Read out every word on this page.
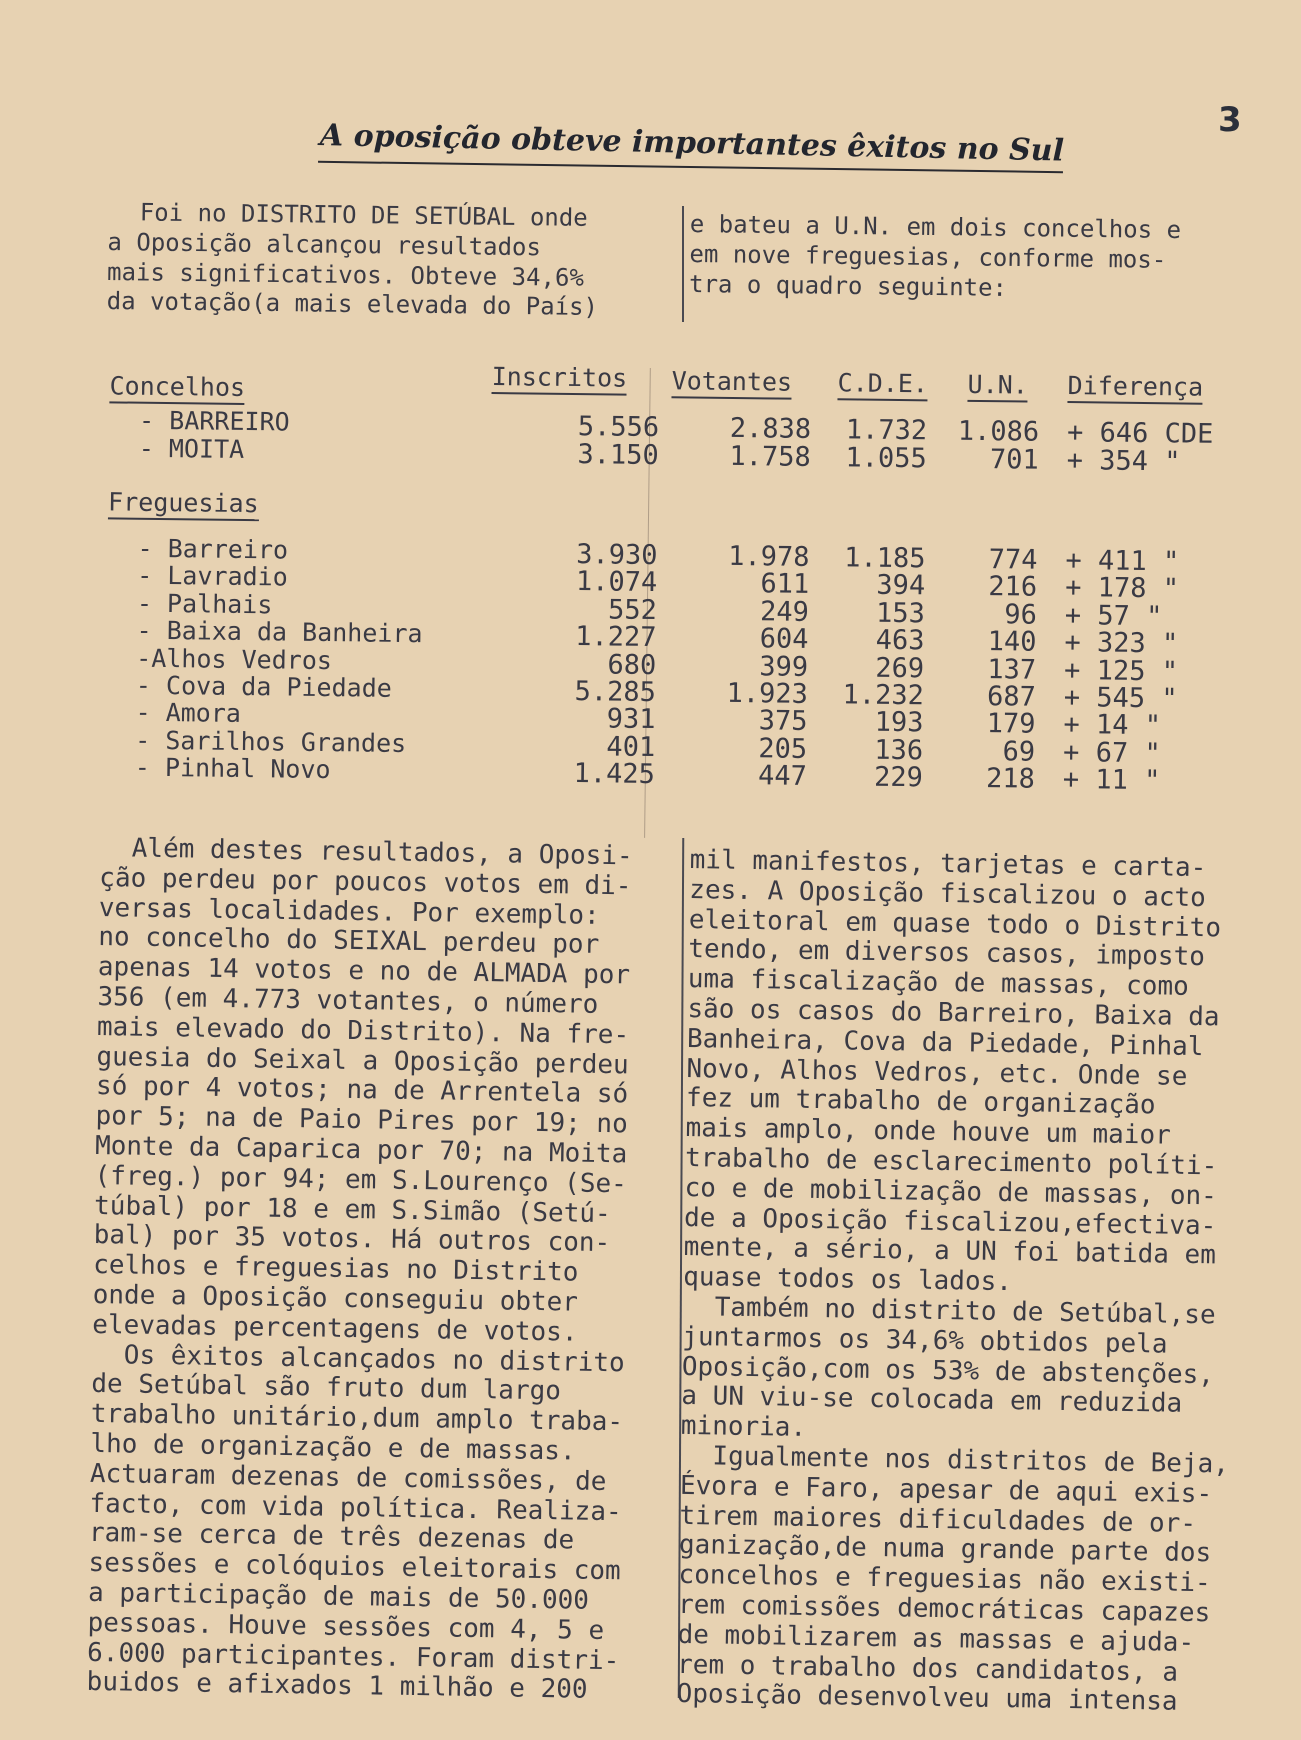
3
A oposição obteve importantes êxitos no Sul
Foi no DISTRITO DE SETÚBAL onde
a Oposição alcançou resultados
mais significativos. Obteve 34,6%
da votação(a mais elevada do País)
e bateu a U.N. em dois concelhos e
em nove freguesias, conforme mos-
tra o quadro seguinte:
Concelhos	Inscritos Votantes C.D.E. U.N. Diferença
- BARREIRO	5.556	2.838	1.732	1.086 + 646 CDE
- MOITA	3.150	1.758	1.055	701 + 354 "
Freguesias
- Barreiro	3.930	1.978	1.185	774 + 411 "
- Lavradio	1.074	611	394	216 + 178 "
- Palhais	552	249	153	96 + 57 "
- Baixa da Banheira	1.227	604	463	140 + 323 "
-Alhos Vedros	680	399	269	137 + 125 "
- Cova da Piedade	5.285	1.923	1.232	687 + 545 "
- Amora	931	375	193	179 + 14 "
- Sarilhos Grandes	401	205	136	69 + 67 "
- Pinhal Novo	1.425	447	229	218 + 11 "
Além destes resultados, a Oposi-
ção perdeu por poucos votos em di-
versas localidades. Por exemplo:
no concelho do SEIXAL perdeu por
apenas 14 votos e no de ALMADA por
356 (em 4.773 votantes, o número
mais elevado do Distrito). Na fre-
guesia do Seixal a Oposição perdeu
só por 4 votos; na de Arrentela só
por 5; na de Paio Pires por 19; no
Monte da Caparica por 70; na Moita
(freg.) por 94; em S.Lourenço (Se-
túbal) por 18 e em S.Simão (Setú-
bal) por 35 votos. Há outros con-
celhos e freguesias no Distrito
onde a Oposição conseguiu obter
elevadas percentagens de votos.
Os êxitos alcançados no distrito
de Setúbal são fruto dum largo
trabalho unitário,dum amplo traba-
lho de organização e de massas.
Actuaram dezenas de comissões, de
facto, com vida política. Realiza-
ram-se cerca de três dezenas de
sessões e colóquios eleitorais com
a participação de mais de 50.000
pessoas. Houve sessões com 4, 5 e
6.000 participantes. Foram distri-
buidos e afixados 1 milhão e 200
mil manifestos, tarjetas e carta-
zes. A Oposição fiscalizou o acto
eleitoral em quase todo o Distrito
tendo, em diversos casos, imposto
uma fiscalização de massas, como
são os casos do Barreiro, Baixa da
Banheira, Cova da Piedade, Pinhal
Novo, Alhos Vedros, etc. Onde se
fez um trabalho de organização
mais amplo, onde houve um maior
trabalho de esclarecimento políti-
co e de mobilização de massas, on-
de a Oposição fiscalizou,efectiva-
mente, a sério, a UN foi batida em
quase todos os lados.
Também no distrito de Setúbal,se
juntarmos os 34,6% obtidos pela
Oposição,com os 53% de abstenções,
a UN viu-se colocada em reduzida
minoria.
Igualmente nos distritos de Beja,
Évora e Faro, apesar de aqui exis-
tirem maiores dificuldades de or-
ganização,de numa grande parte dos
concelhos e freguesias não existi-
rem comissões democráticas capazes
de mobilizarem as massas e ajuda-
rem o trabalho dos candidatos, a
Oposição desenvolveu uma intensa
